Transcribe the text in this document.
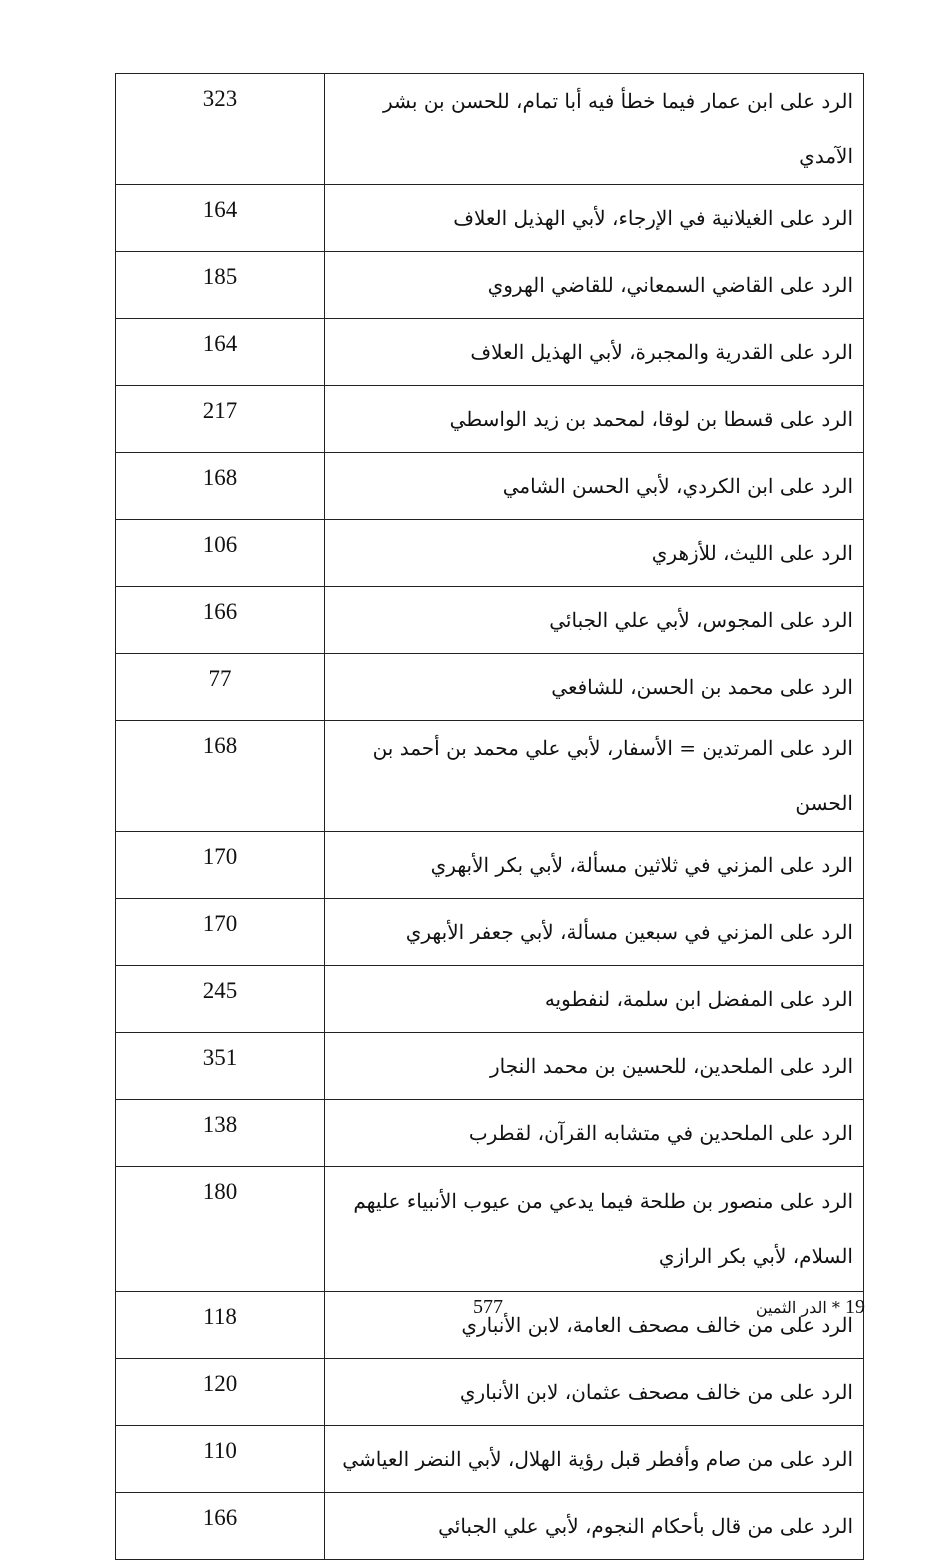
323	الرد على ابن عمار فيما خطأ فيه أبا تمام، للحسن بن بشر الآمدي
164	الرد على الغيلانية في الإرجاء، لأبي الهذيل العلاف
185	الرد على القاضي السمعاني، للقاضي الهروي
164	الرد على القدرية والمجبرة، لأبي الهذيل العلاف
217	الرد على قسطا بن لوقا، لمحمد بن زيد الواسطي
168	الرد على ابن الكردي، لأبي الحسن الشامي
106	الرد على الليث، للأزهري
166	الرد على المجوس، لأبي علي الجبائي
77	الرد على محمد بن الحسن، للشافعي
168	الرد على المرتدين = الأسفار، لأبي علي محمد بن أحمد بن الحسن
170	الرد على المزني في ثلاثين مسألة، لأبي بكر الأبهري
170	الرد على المزني في سبعين مسألة، لأبي جعفر الأبهري
245	الرد على المفضل ابن سلمة، لنفطويه
351	الرد على الملحدين، للحسين بن محمد النجار
138	الرد على الملحدين في متشابه القرآن، لقطرب
180	الرد على منصور بن طلحة فيما يدعي من عيوب الأنبياء عليهم السلام، لأبي بكر الرازي
118	الرد على من خالف مصحف العامة، لابن الأنباري
120	الرد على من خالف مصحف عثمان، لابن الأنباري
110	الرد على من صام وأفطر قبل رؤية الهلال، لأبي النضر العياشي
166	الرد على من قال بأحكام النجوم، لأبي علي الجبائي
577	19 * الدر الثمين
